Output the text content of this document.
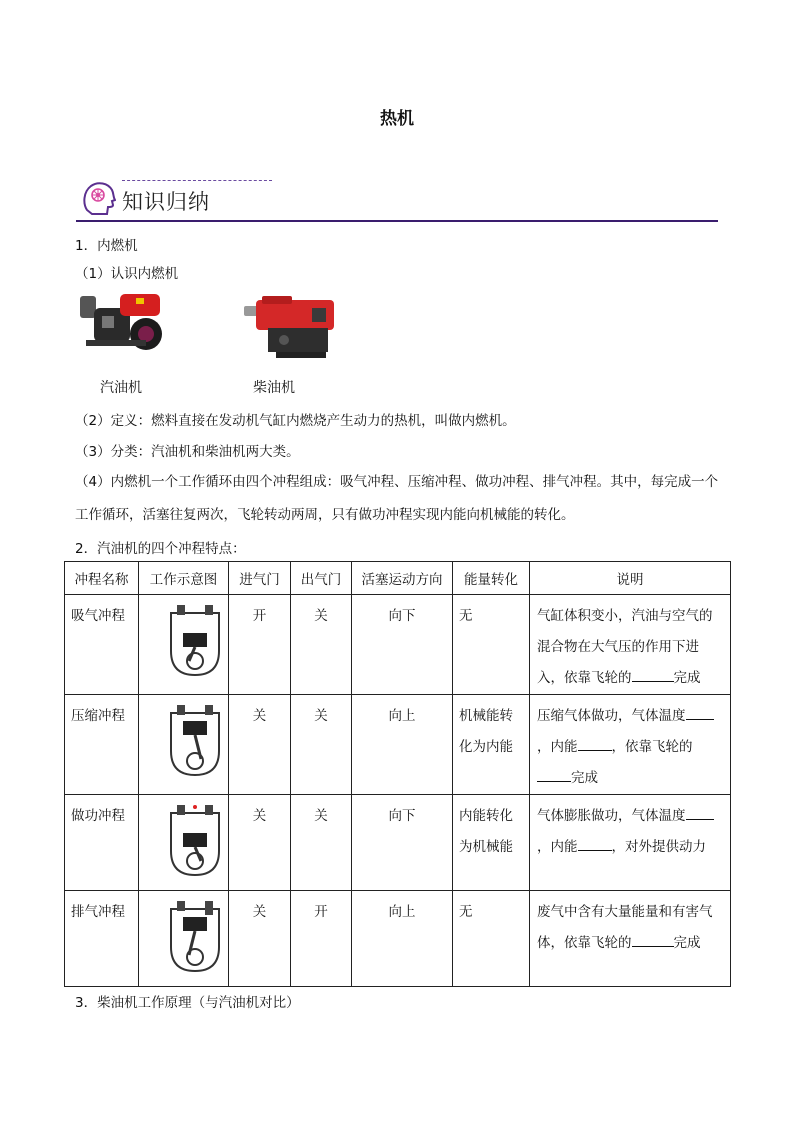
热机
知识归纳
1．内燃机
（1）认识内燃机
汽油机	柴油机
（2）定义：燃料直接在发动机气缸内燃烧产生动力的热机，叫做内燃机。
（3）分类：汽油机和柴油机两大类。
（4）内燃机一个工作循环由四个冲程组成：吸气冲程、压缩冲程、做功冲程、排气冲程。其中，每完成一个工作循环，活塞往复两次，飞轮转动两周，只有做功冲程实现内能向机械能的转化。
2．汽油机的四个冲程特点：
冲程名称	工作示意图	进气门	出气门	活塞运动方向	能量转化	说明

吸气冲程		开	关	向下	无	气缸体积变小，汽油与空气的混合物在大气压的作用下进入，依靠飞轮的 完成

压缩冲程		关	关	向上	机械能转化为内能	压缩气体做功，气体温度，内能 ，依靠飞轮的完成

做功冲程		关	关	向下	内能转化为机械能	气体膨胀做功，气体温度，内能 ，对外提供动力

排气冲程		关	开	向上	无	废气中含有大量能量和有害气体，依靠飞轮的 完成
3．柴油机工作原理（与汽油机对比）
